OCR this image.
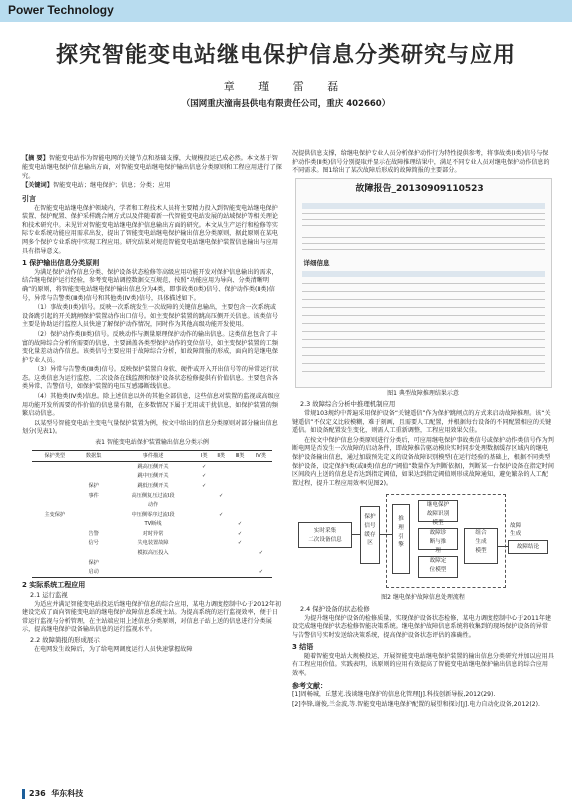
Power Technology
探究智能变电站继电保护信息分类研究与应用
章 瑾 雷 磊
（国网重庆潼南县供电有限责任公司，重庆 402660）
【摘 要】智能变电站作为智能电网的关键节点和基础支撑，大规模投运已成必然。本文基于智能变电站继电保护信息输出方面，对智能变电站继电保护输出信息分类原则和工程应用进行了探究。
【关键词】智能变电站；继电保护；信息；分类；应用
引言

在智能变电站继电保护领域内，学者和工程技术人员将主要精力投入到智能变电站继电保护装置、保护配置、保护采样跳合闸方式以及伴随着新一代智能变电站发展的站域保护等相关理论和技术研究中。未见针对智能变电站继电保护信息输出方面的研究。本文从生产运行和检修等实际专业系统功能应用需求出发，提出了智能变电站继电保护输出信息分类原则，据此原则在某电网多个保护专业系统中实现工程应用。研究结果对规范智能变电站继电保护装置信息输出与应用具有指导意义。

1 保护输出信息分类原则

为满足保护动作信息分类、保护设备状态检修等高级应用功能开发对保护信息输出的需求，结合继电保护运行经验，参考变电站调控数据交互规范，按照“功能应用为导向、分类清晰明确”的原则，将智能变电站继电保护输出信息分为4类，即事故类(Ⅰ类)信号、保护动作类(Ⅱ类)信号，异常与告警类(Ⅲ类)信号和其他类(Ⅳ类)信号，具体描述如下。

（1）事故类(Ⅰ类)信号。反映一次系统发生一次故障的关键信息输出，主要包含一次系统或设备跳引起的开关跳闸保护装置动作出口信号。如主变保护装置的跳高压侧开关信息。该类信号主要是协助运行监控人员快速了解保护动作情况，同时作为其他高级功能开发使用。

（2）保护动作类(Ⅱ类)信号。反映动作与测量原理保护动作的输出信息。这类信息包含了丰富的故障综合分析所需要的信息，主要涵盖各类型保护动作的变位信号，如主变保护装置的工频变化量差动动作信息。该类信号主要应用于故障综合分析，如故障简报的形成，面向的是继电保护专业人员。

（3）异常与告警类(Ⅲ类)信号。反映保护装置自身软、硬件或开入开出信号等的异常运行状态。这类信息为运行监控、二次设备在线监测和保护设备状态检修提供有价值信息。主要包含各类异常、告警信号，如保护装置的电压互感器断线信息。

（4）其他类(Ⅳ类)信息。除上述信息以外的其他全部信息，这些信息对装置的监视或高级应用功能开发所需要的作价值的信息量有限，在多数情况下属于无用或干扰信息，如保护装置的频繁启动信息。

以某型号智能变电站主变电气量保护装置为例，按文中给出的信息分类原则对部分输出信息划分(见表1)。

表1 智能变电站保护装置输出信息分类示例
保护类型	数据集	事件描述	Ⅰ类	Ⅱ类	Ⅲ类	Ⅳ类
		跳高压侧开关	✓			
		跳中压侧开关	✓			
	保护	跳低压侧开关	✓			
	事件	高压侧复压过流Ⅰ段		✓		
		动作				
主变保护		中压侧零序过流Ⅰ段		✓		
		TV断线			✓	
	告警	对时异常			✓	
	信号	失电装置故障			✓	
		模拟高压投入				✓
	保护					
	启动					✓
2 实际系统工程应用
2.1 运行监视

为适应并满足智能变电站投运后继电保护信息的综合应用，某电力调度控制中心于2012年初建设完成了面向智能变电站的继电保护故障信息系统主站。为提高系统的运行监视效率，便于日常运行监视与分析管理，在主站端应用上述信息分类原则，对信息子站上送的信息进行分类展示，提高继电保护设备输出信息的运行监视水平。

2.2 故障简报的形成展示

在电网发生故障后，为了给电网调度运行人员快速掌握故障

况提供信息支撑，给继电保护专业人员分析保护动作行为特性提供参考，将事故类(Ⅰ类)信号与保护动作类(Ⅱ类)信号分别提取并显示在故障推理结果中，满足不同专业人员对继电保护动作信息的不同需求。图1给出了某次故障后形成的故障简报的主要部分。

故障报告_20130909110523
详细信息
图1 典型故障推理结果示意
2.3 故障综合分析中推理机制应用

常规103规约中普遍采用保护设备“关键遥信”作为保护跳闸点的方式来启动故障推理。该“关键遥信”不仅定义比较模糊，难于刻画，且需要人工配置，并根据每台设备的不同配置相应的关键遥信。如设备配置发生变化，则需人工重新调整，工程应用效果欠佳。

在按文中保护信息分类原则进行分类后，可应用继电保护事故类信号或保护动作类信号作为判断电网是否发生一次故障的启动条件，即故障推告驱动模块实时同步处理数据缓存区域内的继电保护设备输出信息，通过加载预先定义的设备故障识别模型(在运行经验的基础上，根据不同类型保护设备，设定保护Ⅰ类(或Ⅱ类)信息的“阈值”数量作为判断依据)，判断某一台保护设备在指定时间区间段内上送的信息是否达到指定阈值，如果达到指定阈值则形成故障通知，避免繁杂的人工配置过程，提升工程应用效率(见图2)。

实时采集
二次设备信息
保护
信号
缓存
区
推
理
引
擎
继电保护
故障识别
模型
故障诊
断与推
理
故障定
位模型
组合
生成
模型
故障
生成
故障结论
图2 继电保护故障信息处理流程
2.4 保护设备的状态检修

为提升继电保护设备的检修质量，实现保护设备状态检修，某电力调度控制中心于2011年建设完成继电保护状态检修智能决策系统。继电保护故障信息系统将收集到的现场保护设备的异常与告警信号实时发送给决策系统，提高保护设备状态评估的准确性。

3 结语

随着智能变电站大规模投运，开展智能变电站继电保护装置的输出信息分类研究并加以应用具有工程应用价值。实践表明，该原则的应用有效提高了智能变电站继电保护输出信息的综合应用效率。

参考文献：

[1]周畅城，丘慧光.浅谈继电保护的信息化管理[J].科技创新导报,2012(29).

[2]李锋,谢俊,兰金波,等.智能变电站继电保护配置的展望和探讨[J].电力自动化设备,2012(2).

236 华东科技
